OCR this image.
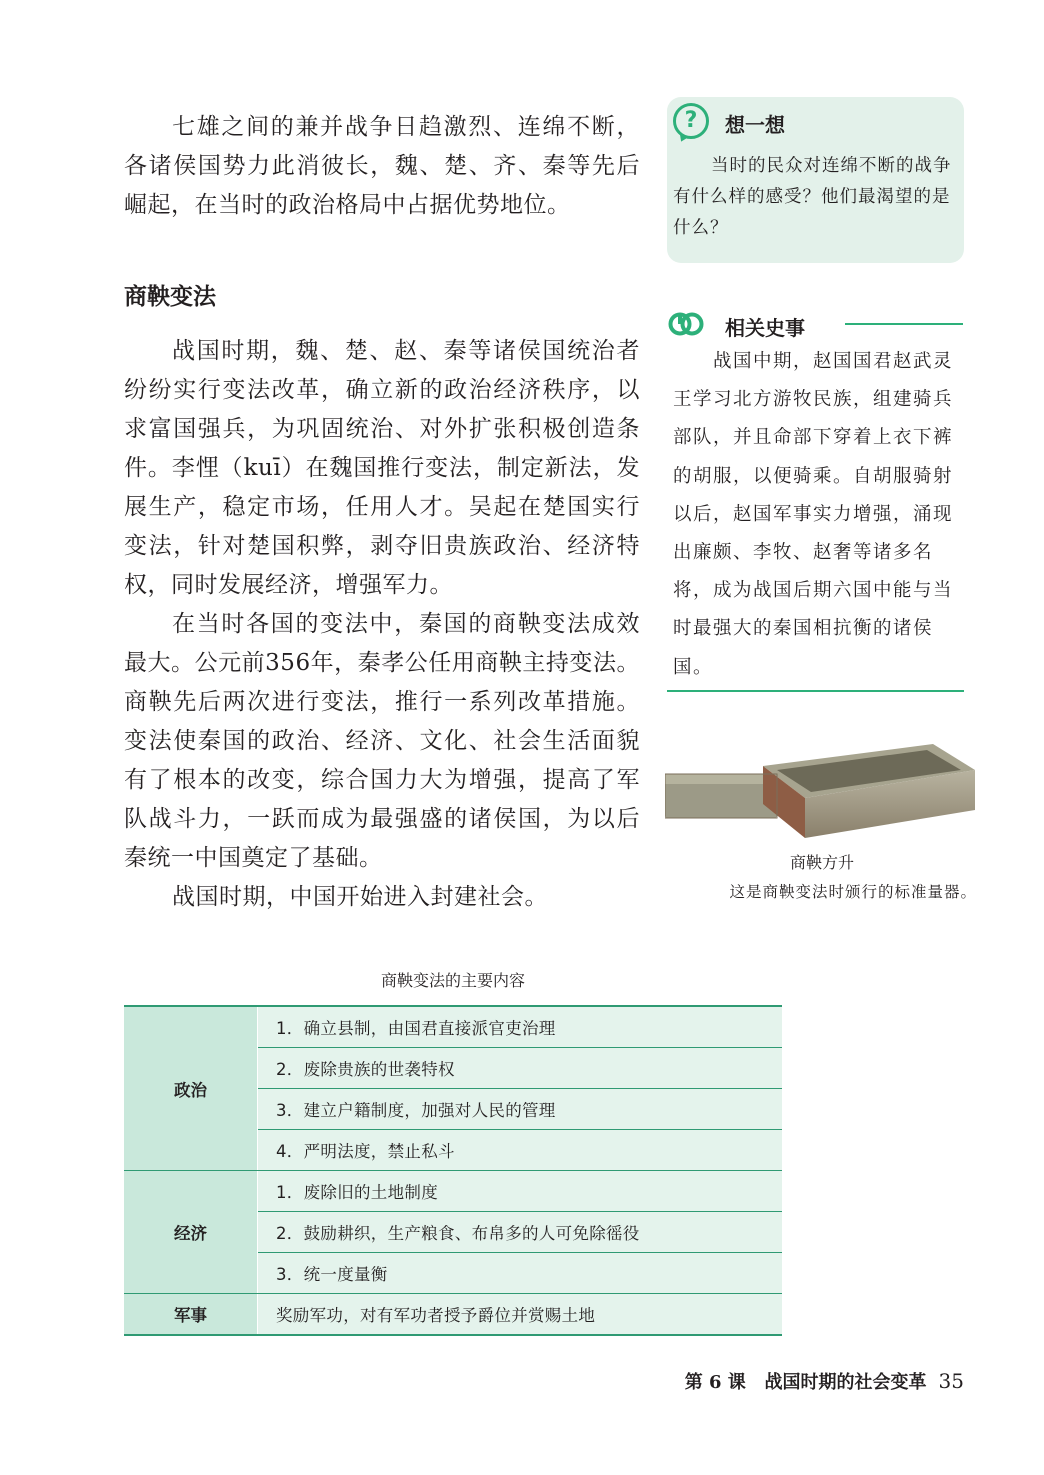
七雄之间的兼并战争日趋激烈、连绵不断，各诸侯国势力此消彼长，魏、楚、齐、秦等先后崛起，在当时的政治格局中占据优势地位。

商鞅变法

战国时期，魏、楚、赵、秦等诸侯国统治者纷纷实行变法改革，确立新的政治经济秩序，以求富国强兵，为巩固统治、对外扩张积极创造条件。李悝（kuī）在魏国推行变法，制定新法，发展生产，稳定市场，任用人才。吴起在楚国实行变法，针对楚国积弊，剥夺旧贵族政治、经济特权，同时发展经济，增强军力。

在当时各国的变法中，秦国的商鞅变法成效最大。公元前356年，秦孝公任用商鞅主持变法。商鞅先后两次进行变法，推行一系列改革措施。变法使秦国的政治、经济、文化、社会生活面貌有了根本的改变，综合国力大为增强，提高了军队战斗力，一跃而成为最强盛的诸侯国，为以后秦统一中国奠定了基础。

战国时期，中国开始进入封建社会。

?	想一想

当时的民众对连绵不断的战争有什么样的感受？他们最渴望的是什么？

相关史事

战国中期，赵国国君赵武灵王学习北方游牧民族，组建骑兵部队，并且命部下穿着上衣下裤的胡服，以便骑乘。自胡服骑射以后，赵国军事实力增强，涌现出廉颇、李牧、赵奢等诸多名将，成为战国后期六国中能与当时最强大的秦国相抗衡的诸侯国。

商鞅方升

这是商鞅变法时颁行的标准量器。

商鞅变法的主要内容

政治	1．确立县制，由国君直接派官吏治理
	2．废除贵族的世袭特权
	3．建立户籍制度，加强对人民的管理
	4．严明法度，禁止私斗
经济	1．废除旧的土地制度
	2．鼓励耕织，生产粮食、布帛多的人可免除徭役
	3．统一度量衡
军事	奖励军功，对有军功者授予爵位并赏赐土地
第 6 课   战国时期的社会变革 35
